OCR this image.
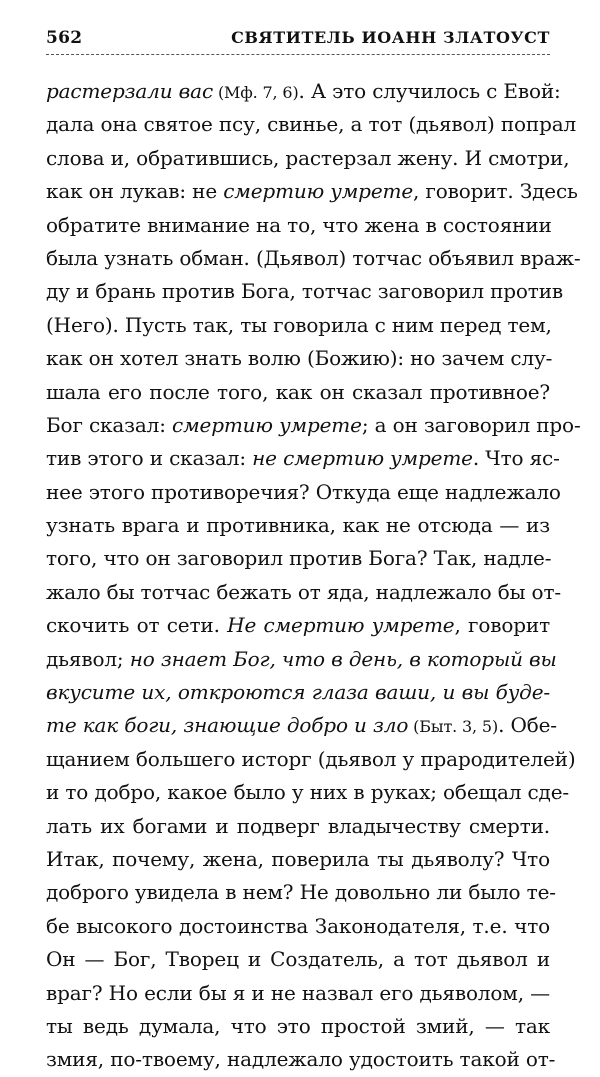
562	СВЯТИТЕЛЬ ИОАНН ЗЛАТОУСТ
растерзали вас (Мф. 7, 6). А это случилось с Евой:
дала она святое псу, свинье, а тот (дьявол) попрал
слова и, обратившись, растерзал жену. И смотри,
как он лукав: не смертию умрете, говорит. Здесь
обратите внимание на то, что жена в состоянии
была узнать обман. (Дьявол) тотчас объявил враж-
ду и брань против Бога, тотчас заговорил против
(Него). Пусть так, ты говорила с ним перед тем,
как он хотел знать волю (Божию): но зачем слу-
шала его после того, как он сказал противное?
Бог сказал: смертию умрете; а он заговорил про-
тив этого и сказал: не смертию умрете. Что яс-
нее этого противоречия? Откуда еще надлежало
узнать врага и противника, как не отсюда — из
того, что он заговорил против Бога? Так, надле-
жало бы тотчас бежать от яда, надлежало бы от-
скочить от сети. Не смертию умрете, говорит
дьявол; но знает Бог, что в день, в который вы
вкусите их, откроются глаза ваши, и вы буде-
те как боги, знающие добро и зло (Быт. 3, 5). Обе-
щанием большего исторг (дьявол у прародителей)
и то добро, какое было у них в руках; обещал сде-
лать их богами и подверг владычеству смерти.
Итак, почему, жена, поверила ты дьяволу? Что
доброго увидела в нем? Не довольно ли было те-
бе высокого достоинства Законодателя, т.е. что
Он — Бог, Творец и Создатель, а тот дьявол и
враг? Но если бы я и не назвал его дьяволом, —
ты ведь думала, что это простой змий, — так
змия, по-твоему, надлежало удостоить такой от-
